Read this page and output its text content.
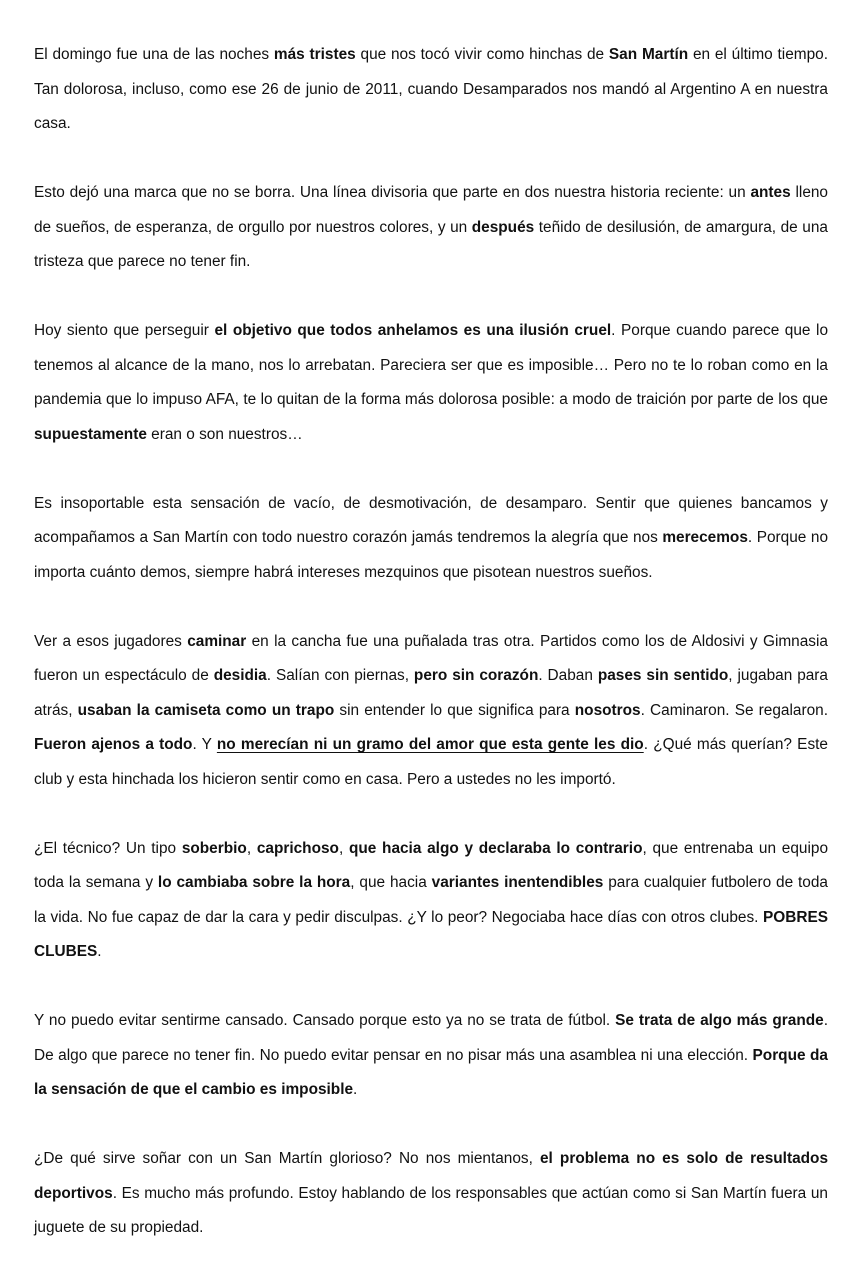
El domingo fue una de las noches más tristes que nos tocó vivir como hinchas de San Martín en el último tiempo. Tan dolorosa, incluso, como ese 26 de junio de 2011, cuando Desamparados nos mandó al Argentino A en nuestra casa.

Esto dejó una marca que no se borra. Una línea divisoria que parte en dos nuestra historia reciente: un antes lleno de sueños, de esperanza, de orgullo por nuestros colores, y un después teñido de desilusión, de amargura, de una tristeza que parece no tener fin.

Hoy siento que perseguir el objetivo que todos anhelamos es una ilusión cruel. Porque cuando parece que lo tenemos al alcance de la mano, nos lo arrebatan. Pareciera ser que es imposible… Pero no te lo roban como en la pandemia que lo impuso AFA, te lo quitan de la forma más dolorosa posible: a modo de traición por parte de los que supuestamente eran o son nuestros…

Es insoportable esta sensación de vacío, de desmotivación, de desamparo. Sentir que quienes bancamos y acompañamos a San Martín con todo nuestro corazón jamás tendremos la alegría que nos merecemos. Porque no importa cuánto demos, siempre habrá intereses mezquinos que pisotean nuestros sueños.

Ver a esos jugadores caminar en la cancha fue una puñalada tras otra. Partidos como los de Aldosivi y Gimnasia fueron un espectáculo de desidia. Salían con piernas, pero sin corazón. Daban pases sin sentido, jugaban para atrás, usaban la camiseta como un trapo sin entender lo que significa para nosotros. Caminaron. Se regalaron. Fueron ajenos a todo. Y no merecían ni un gramo del amor que esta gente les dio. ¿Qué más querían? Este club y esta hinchada los hicieron sentir como en casa. Pero a ustedes no les importó.

¿El técnico? Un tipo soberbio, caprichoso, que hacia algo y declaraba lo contrario, que entrenaba un equipo toda la semana y lo cambiaba sobre la hora, que hacia variantes inentendibles para cualquier futbolero de toda la vida. No fue capaz de dar la cara y pedir disculpas. ¿Y lo peor? Negociaba hace días con otros clubes. POBRES CLUBES.

Y no puedo evitar sentirme cansado. Cansado porque esto ya no se trata de fútbol. Se trata de algo más grande. De algo que parece no tener fin. No puedo evitar pensar en no pisar más una asamblea ni una elección. Porque da la sensación de que el cambio es imposible.

¿De qué sirve soñar con un San Martín glorioso? No nos mientanos, el problema no es solo de resultados deportivos. Es mucho más profundo. Estoy hablando de los responsables que actúan como si San Martín fuera un juguete de su propiedad.
